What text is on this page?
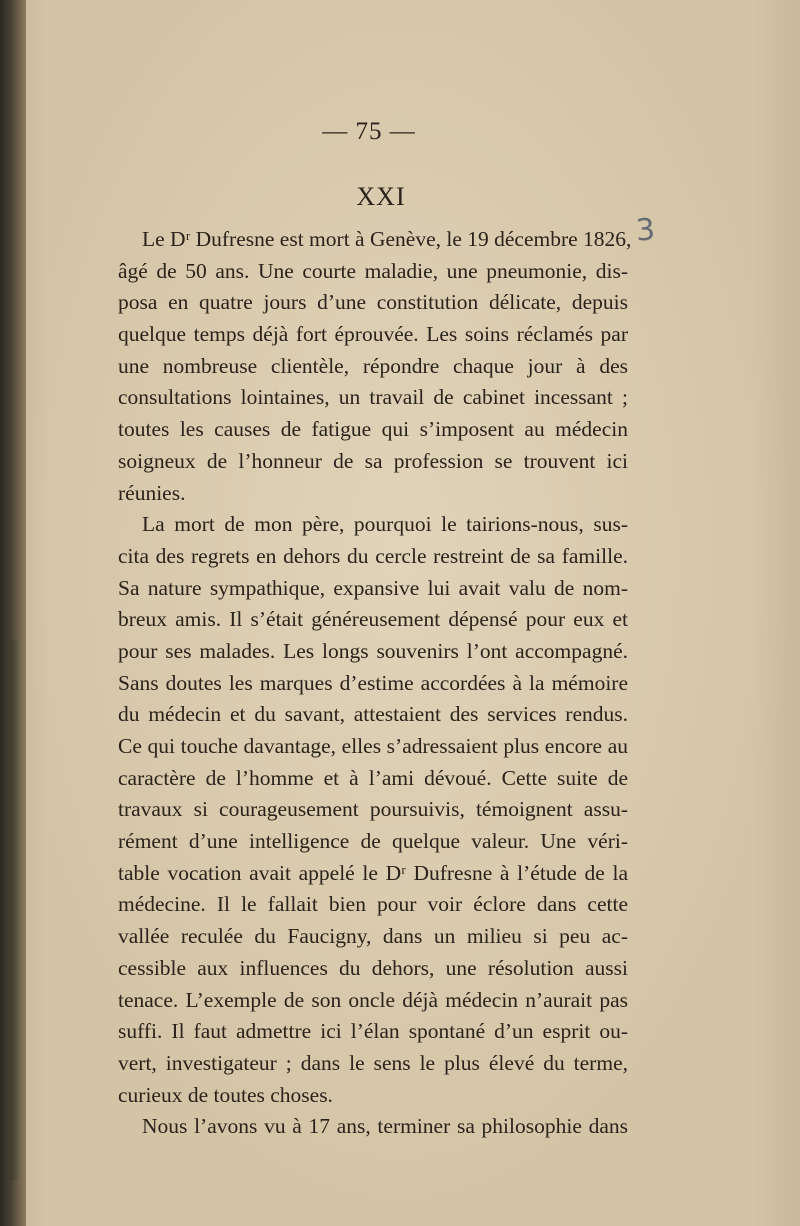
— 75 —
XXI
3
Le Dʳ Dufresne est mort à Genève, le 19 décembre 1826,
âgé de 50 ans. Une courte maladie, une pneumonie, dis-
posa en quatre jours d’une constitution délicate, depuis
quelque temps déjà fort éprouvée. Les soins réclamés par
une nombreuse clientèle, répondre chaque jour à des
consultations lointaines, un travail de cabinet incessant ;
toutes les causes de fatigue qui s’imposent au médecin
soigneux de l’honneur de sa profession se trouvent ici
réunies.
La mort de mon père, pourquoi le tairions-nous, sus-
cita des regrets en dehors du cercle restreint de sa famille.
Sa nature sympathique, expansive lui avait valu de nom-
breux amis. Il s’était généreusement dépensé pour eux et
pour ses malades. Les longs souvenirs l’ont accompagné.
Sans doutes les marques d’estime accordées à la mémoire
du médecin et du savant, attestaient des services rendus.
Ce qui touche davantage, elles s’adressaient plus encore au
caractère de l’homme et à l’ami dévoué. Cette suite de
travaux si courageusement poursuivis, témoignent assu-
rément d’une intelligence de quelque valeur. Une véri-
table vocation avait appelé le Dʳ Dufresne à l’étude de la
médecine. Il le fallait bien pour voir éclore dans cette
vallée reculée du Faucigny, dans un milieu si peu ac-
cessible aux influences du dehors, une résolution aussi
tenace. L’exemple de son oncle déjà médecin n’aurait pas
suffi. Il faut admettre ici l’élan spontané d’un esprit ou-
vert, investigateur ; dans le sens le plus élevé du terme,
curieux de toutes choses.
Nous l’avons vu à 17 ans, terminer sa philosophie dans
